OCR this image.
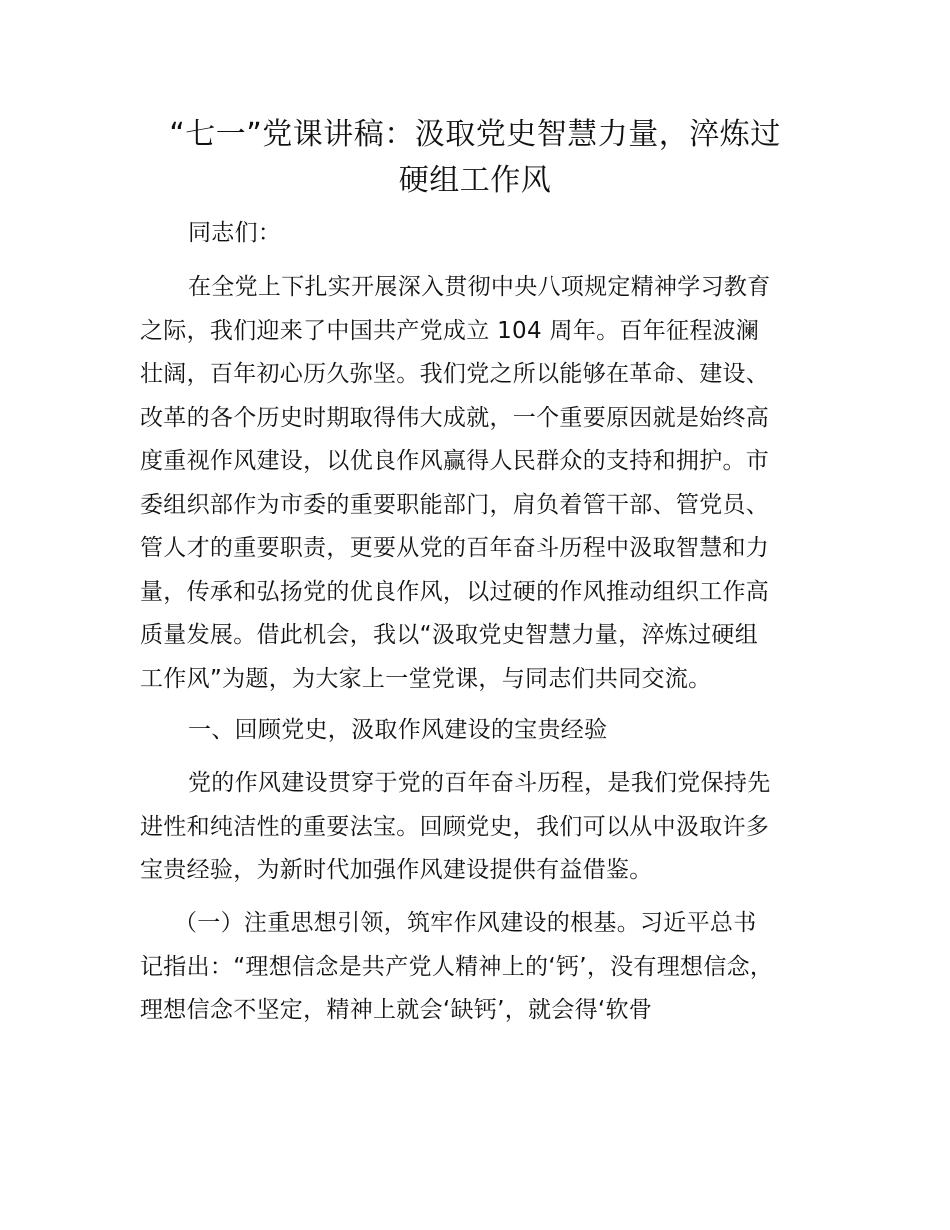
“七一”党课讲稿：汲取党史智慧力量，淬炼过
硬组工作风
同志们：
在全党上下扎实开展深入贯彻中央八项规定精神学习教育
之际，我们迎来了中国共产党成立 104 周年。百年征程波澜
壮阔，百年初心历久弥坚。我们党之所以能够在革命、建设、
改革的各个历史时期取得伟大成就，一个重要原因就是始终高
度重视作风建设，以优良作风赢得人民群众的支持和拥护。市
委组织部作为市委的重要职能部门，肩负着管干部、管党员、
管人才的重要职责，更要从党的百年奋斗历程中汲取智慧和力
量，传承和弘扬党的优良作风，以过硬的作风推动组织工作高
质量发展。借此机会，我以“汲取党史智慧力量，淬炼过硬组
工作风”为题，为大家上一堂党课，与同志们共同交流。
一、回顾党史，汲取作风建设的宝贵经验
党的作风建设贯穿于党的百年奋斗历程，是我们党保持先
进性和纯洁性的重要法宝。回顾党史，我们可以从中汲取许多
宝贵经验，为新时代加强作风建设提供有益借鉴。
（一）注重思想引领，筑牢作风建设的根基。习近平总书
记指出：“理想信念是共产党人精神上的‘钙’，没有理想信念，
理想信念不坚定，精神上就会‘缺钙’，就会得‘软骨
